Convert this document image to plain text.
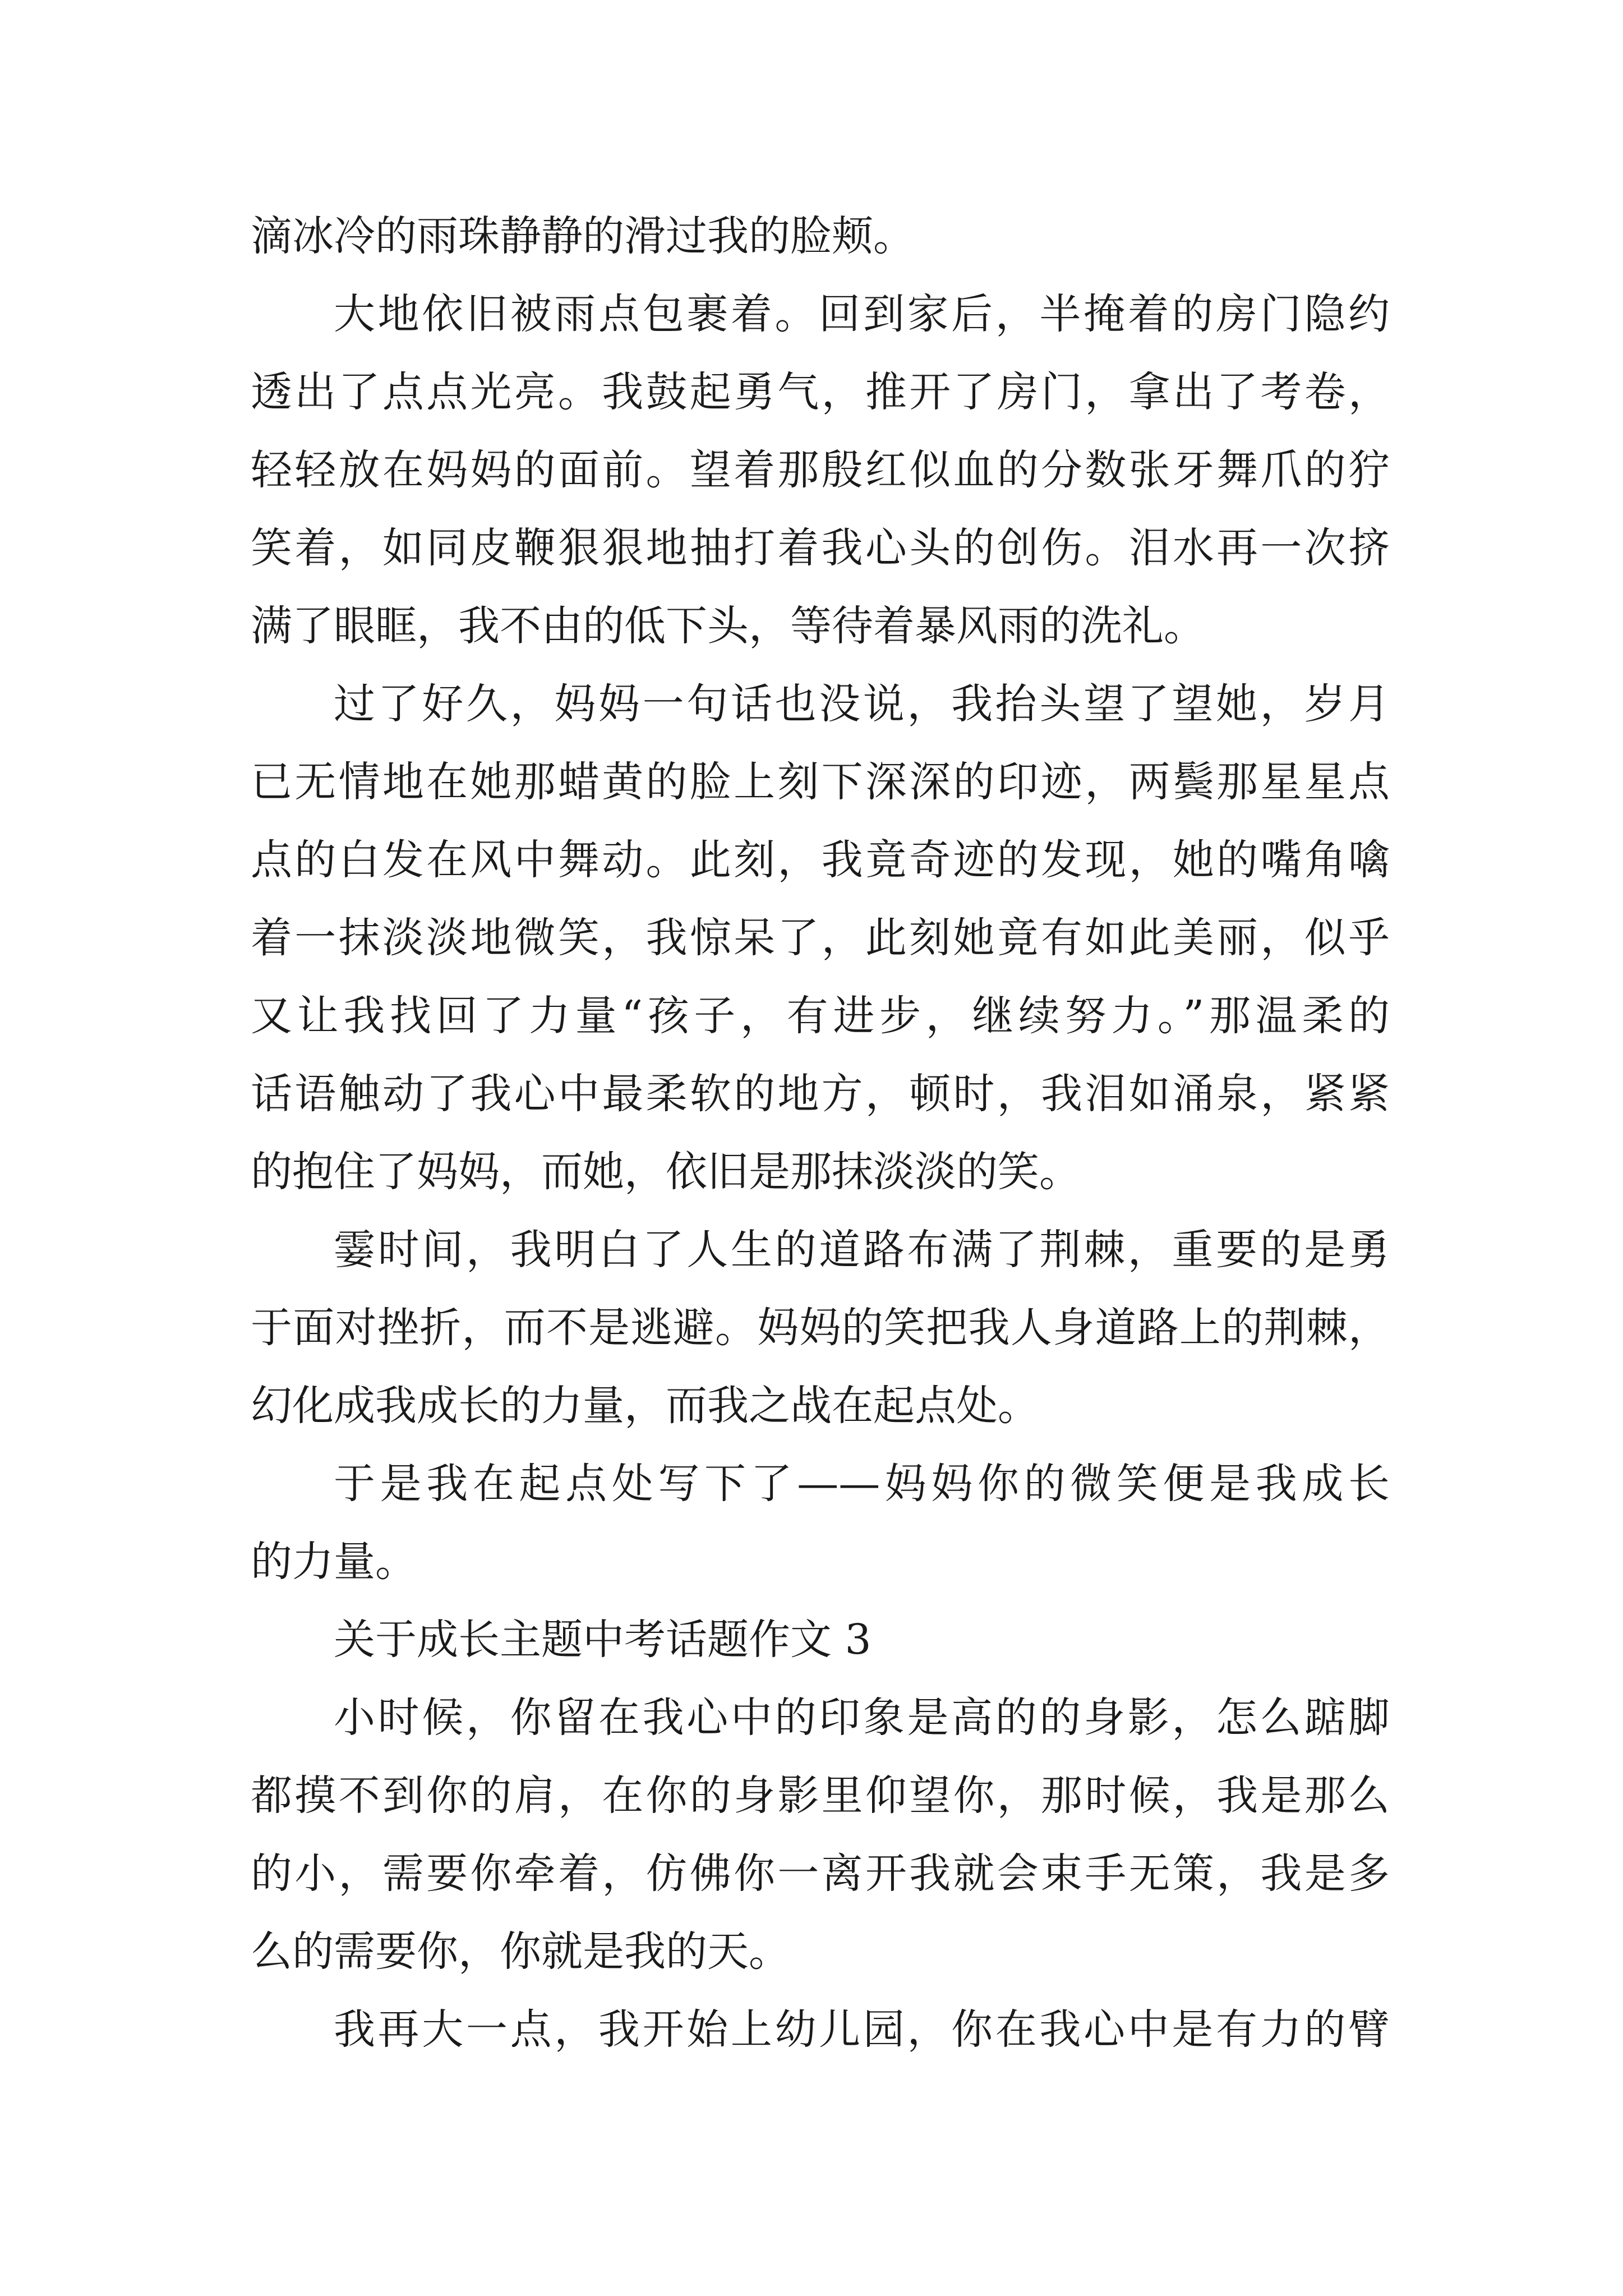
滴冰冷的雨珠静静的滑过我的脸颊。
大地依旧被雨点包裹着。回到家后，半掩着的房门隐约
透出了点点光亮。我鼓起勇气，推开了房门，拿出了考卷，
轻轻放在妈妈的面前。望着那殷红似血的分数张牙舞爪的狞
笑着，如同皮鞭狠狠地抽打着我心头的创伤。泪水再一次挤
满了眼眶，我不由的低下头，等待着暴风雨的洗礼。
过了好久，妈妈一句话也没说，我抬头望了望她，岁月
已无情地在她那蜡黄的脸上刻下深深的印迹，两鬓那星星点
点的白发在风中舞动。此刻，我竟奇迹的发现，她的嘴角噙
着一抹淡淡地微笑，我惊呆了，此刻她竟有如此美丽，似乎
又让我找回了力量“孩子，有进步，继续努力。”那温柔的
话语触动了我心中最柔软的地方，顿时，我泪如涌泉，紧紧
的抱住了妈妈，而她，依旧是那抹淡淡的笑。
霎时间，我明白了人生的道路布满了荆棘，重要的是勇
于面对挫折，而不是逃避。妈妈的笑把我人身道路上的荆棘，
幻化成我成长的力量，而我之战在起点处。
于是我在起点处写下了——妈妈你的微笑便是我成长
的力量。
关于成长主题中考话题作文 3
小时候，你留在我心中的印象是高的的身影，怎么踮脚
都摸不到你的肩，在你的身影里仰望你，那时候，我是那么
的小，需要你牵着，仿佛你一离开我就会束手无策，我是多
么的需要你，你就是我的天。
我再大一点，我开始上幼儿园，你在我心中是有力的臂
